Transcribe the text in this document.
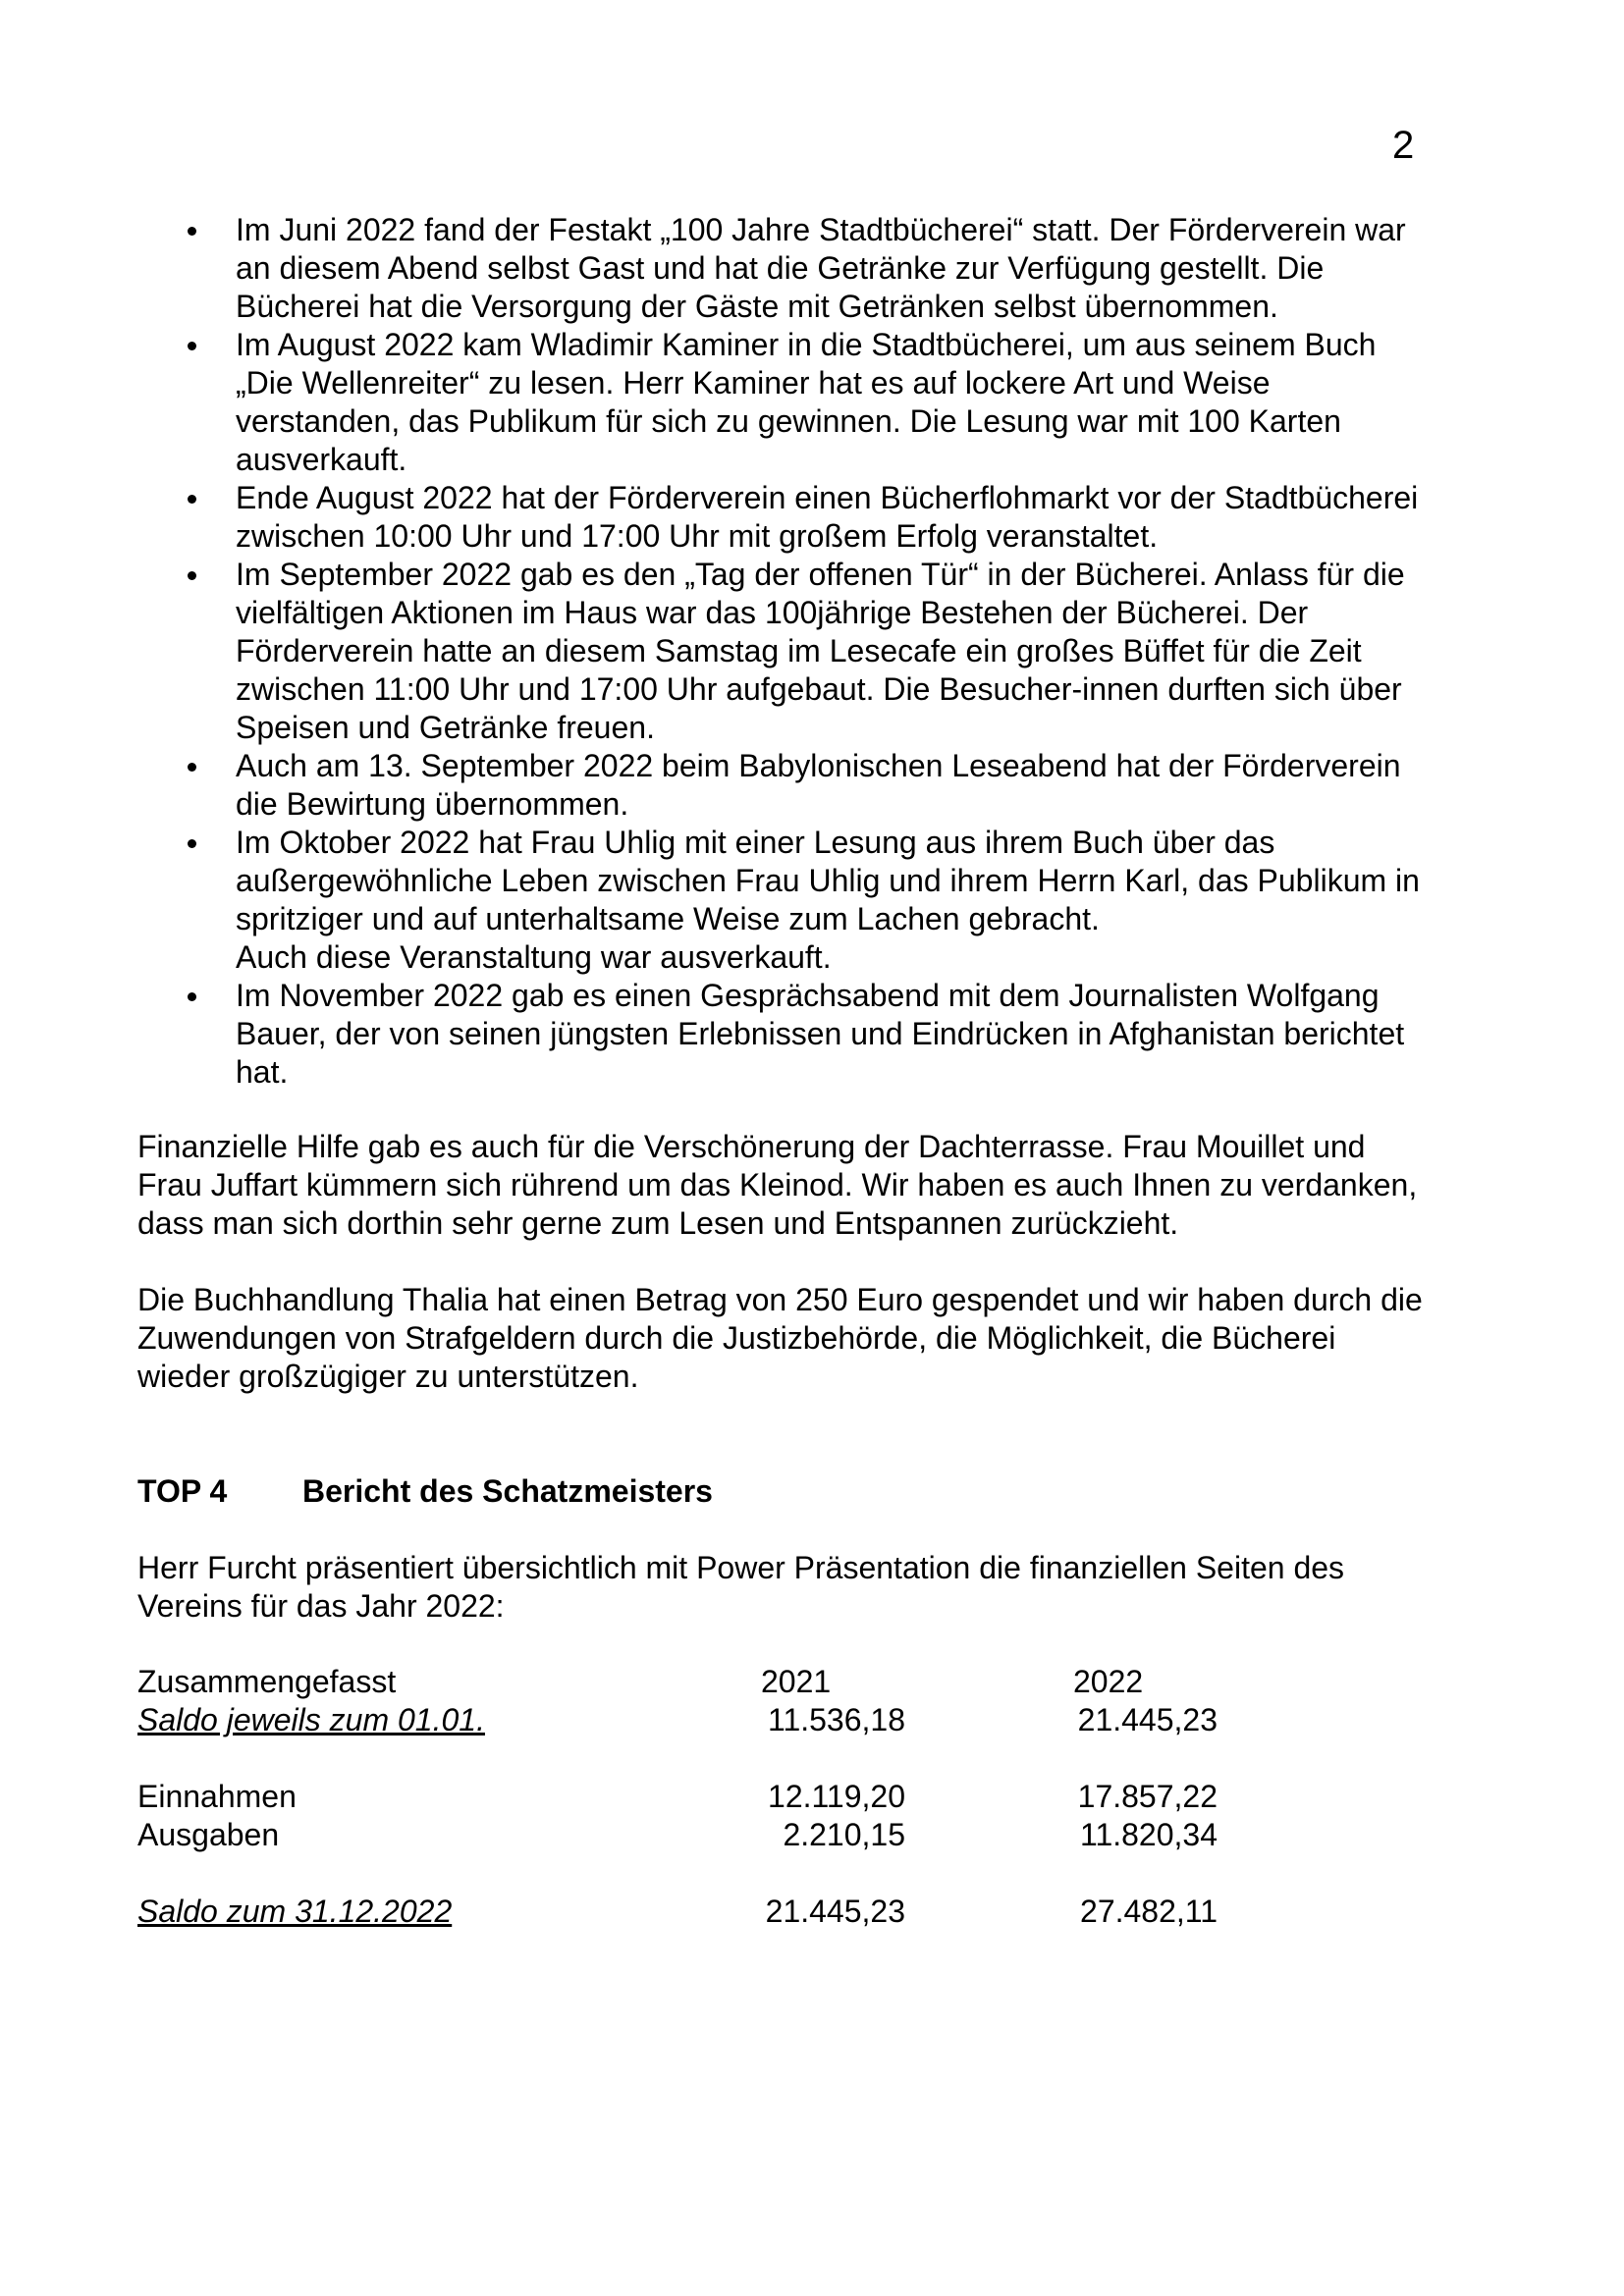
2
Im Juni 2022 fand der Festakt „100 Jahre Stadtbücherei“ statt. Der Förderverein war
an diesem Abend selbst Gast und hat die Getränke zur Verfügung gestellt. Die
Bücherei hat die Versorgung der Gäste mit Getränken selbst übernommen.
Im August 2022 kam Wladimir Kaminer in die Stadtbücherei, um aus seinem Buch
„Die Wellenreiter“ zu lesen. Herr Kaminer hat es auf lockere Art und Weise
verstanden, das Publikum für sich zu gewinnen. Die Lesung war mit 100 Karten
ausverkauft.
Ende August 2022 hat der Förderverein einen Bücherflohmarkt vor der Stadtbücherei
zwischen 10:00 Uhr und 17:00 Uhr mit großem Erfolg veranstaltet.
Im September 2022 gab es den „Tag der offenen Tür“ in der Bücherei. Anlass für die
vielfältigen Aktionen im Haus war das 100jährige Bestehen der Bücherei. Der
Förderverein hatte an diesem Samstag im Lesecafe ein großes Büffet für die Zeit
zwischen 11:00 Uhr und 17:00 Uhr aufgebaut. Die Besucher-innen durften sich über
Speisen und Getränke freuen.
Auch am 13. September 2022 beim Babylonischen Leseabend hat der Förderverein
die Bewirtung übernommen.
Im Oktober 2022 hat Frau Uhlig mit einer Lesung aus ihrem Buch über das
außergewöhnliche Leben zwischen Frau Uhlig und ihrem Herrn Karl, das Publikum in
spritziger und auf unterhaltsame Weise zum Lachen gebracht.
Auch diese Veranstaltung war ausverkauft.
Im November 2022 gab es einen Gesprächsabend mit dem Journalisten Wolfgang
Bauer, der von seinen jüngsten Erlebnissen und Eindrücken in Afghanistan berichtet
hat.

Finanzielle Hilfe gab es auch für die Verschönerung der Dachterrasse. Frau Mouillet und
Frau Juffart kümmern sich rührend um das Kleinod. Wir haben es auch Ihnen zu verdanken,
dass man sich dorthin sehr gerne zum Lesen und Entspannen zurückzieht.

Die Buchhandlung Thalia hat einen Betrag von 250 Euro gespendet und wir haben durch die
Zuwendungen von Strafgeldern durch die Justizbehörde, die Möglichkeit, die Bücherei
wieder großzügiger zu unterstützen.

TOP 4 Bericht des Schatzmeisters

Herr Furcht präsentiert übersichtlich mit Power Präsentation die finanziellen Seiten des
Vereins für das Jahr 2022:

Zusammengefasst	2021	2022
Saldo jeweils zum 01.01.	11.536,18	21.445,23
Einnahmen	12.119,20	17.857,22
Ausgaben	2.210,15	11.820,34
Saldo zum 31.12.2022	21.445,23	27.482,11
